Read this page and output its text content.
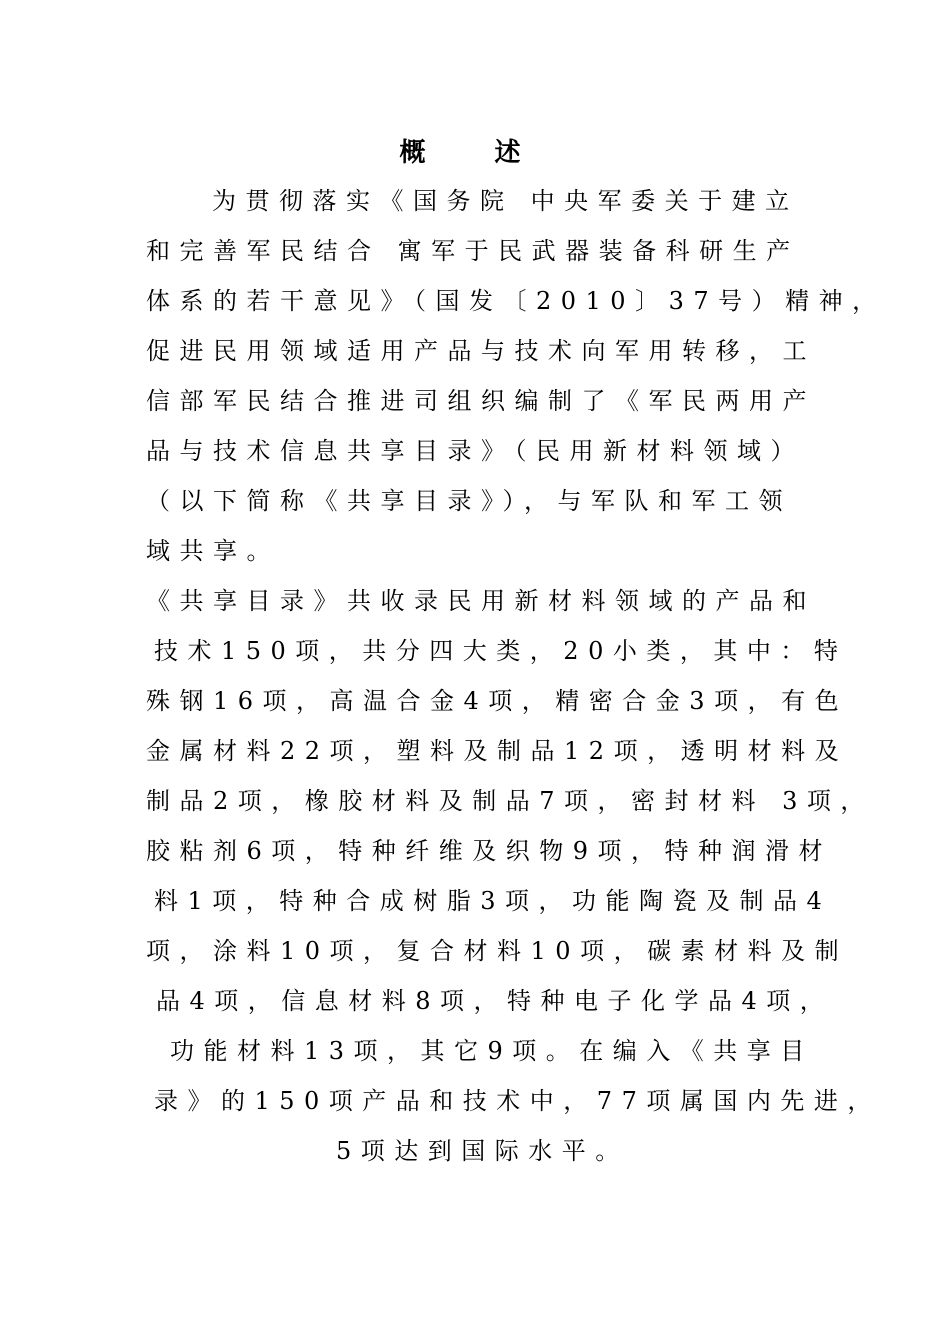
概 述
为贯彻落实《国务院 中央军委关于建立
和完善军民结合 寓军于民武器装备科研生产
体系的若干意见》（国发〔2010〕37号）精神，
促进民用领域适用产品与技术向军用转移，工
信部军民结合推进司组织编制了《军民两用产
品与技术信息共享目录》（民用新材料领域）
（以下简称《共享目录》），与军队和军工领
域共享。
《共享目录》共收录民用新材料领域的产品和
技术150项，共分四大类，20小类，其中：特
殊钢16项，高温合金4项，精密合金3项，有色
金属材料22项，塑料及制品12项，透明材料及
制品2项，橡胶材料及制品7项，密封材料 3项，
胶粘剂6项，特种纤维及织物9项，特种润滑材
料1项，特种合成树脂3项，功能陶瓷及制品4
项，涂料10项，复合材料10项，碳素材料及制
品4项，信息材料8项，特种电子化学品4项，
功能材料13项，其它9项。在编入《共享目
录》的150项产品和技术中，77项属国内先进，
5项达到国际水平。
